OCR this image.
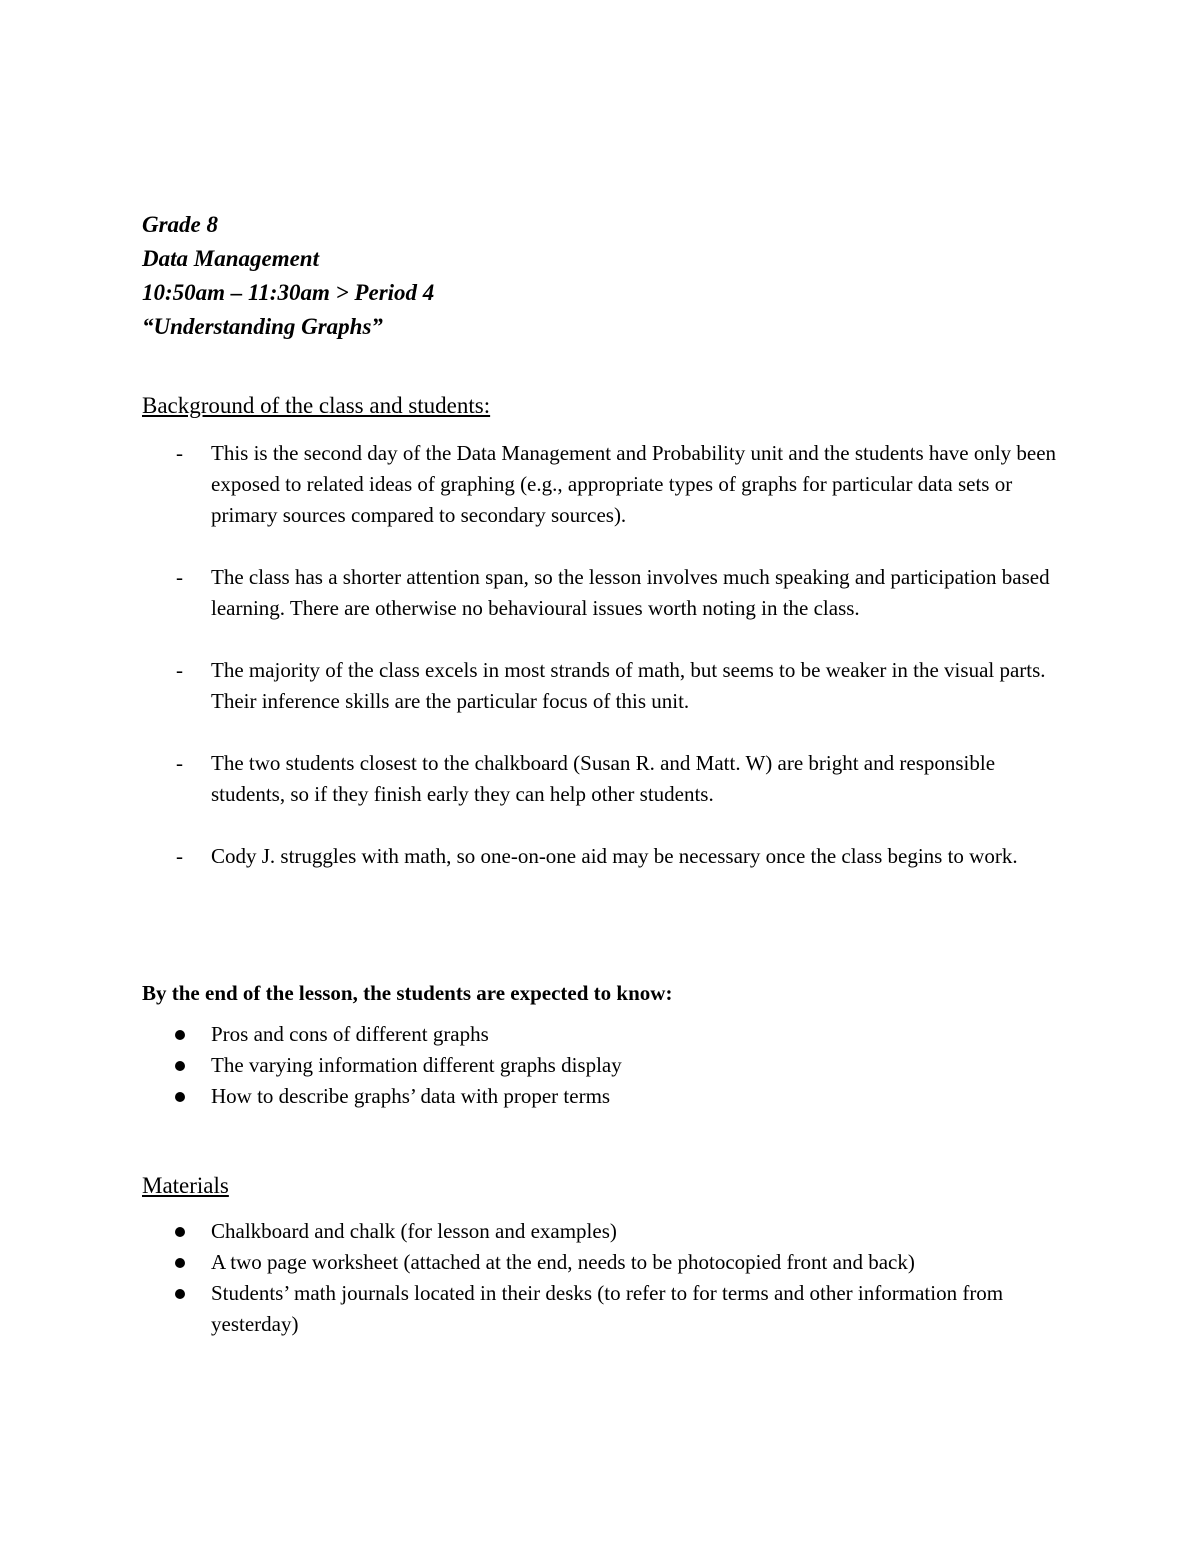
Grade 8
Data Management
10:50am – 11:30am > Period 4
“Understanding Graphs”
Background of the class and students:
- This is the second day of the Data Management and Probability unit and the students have only been exposed to related ideas of graphing (e.g., appropriate types of graphs for particular data sets or primary sources compared to secondary sources).
- The class has a shorter attention span, so the lesson involves much speaking and participation based learning. There are otherwise no behavioural issues worth noting in the class.
- The majority of the class excels in most strands of math, but seems to be weaker in the visual parts. Their inference skills are the particular focus of this unit.
- The two students closest to the chalkboard (Susan R. and Matt. W) are bright and responsible students, so if they finish early they can help other students.
- Cody J. struggles with math, so one-on-one aid may be necessary once the class begins to work.
By the end of the lesson, the students are expected to know:
Pros and cons of different graphs
The varying information different graphs display
How to describe graphs’ data with proper terms
Materials
Chalkboard and chalk (for lesson and examples)
A two page worksheet (attached at the end, needs to be photocopied front and back)
Students’ math journals located in their desks (to refer to for terms and other information from yesterday)
